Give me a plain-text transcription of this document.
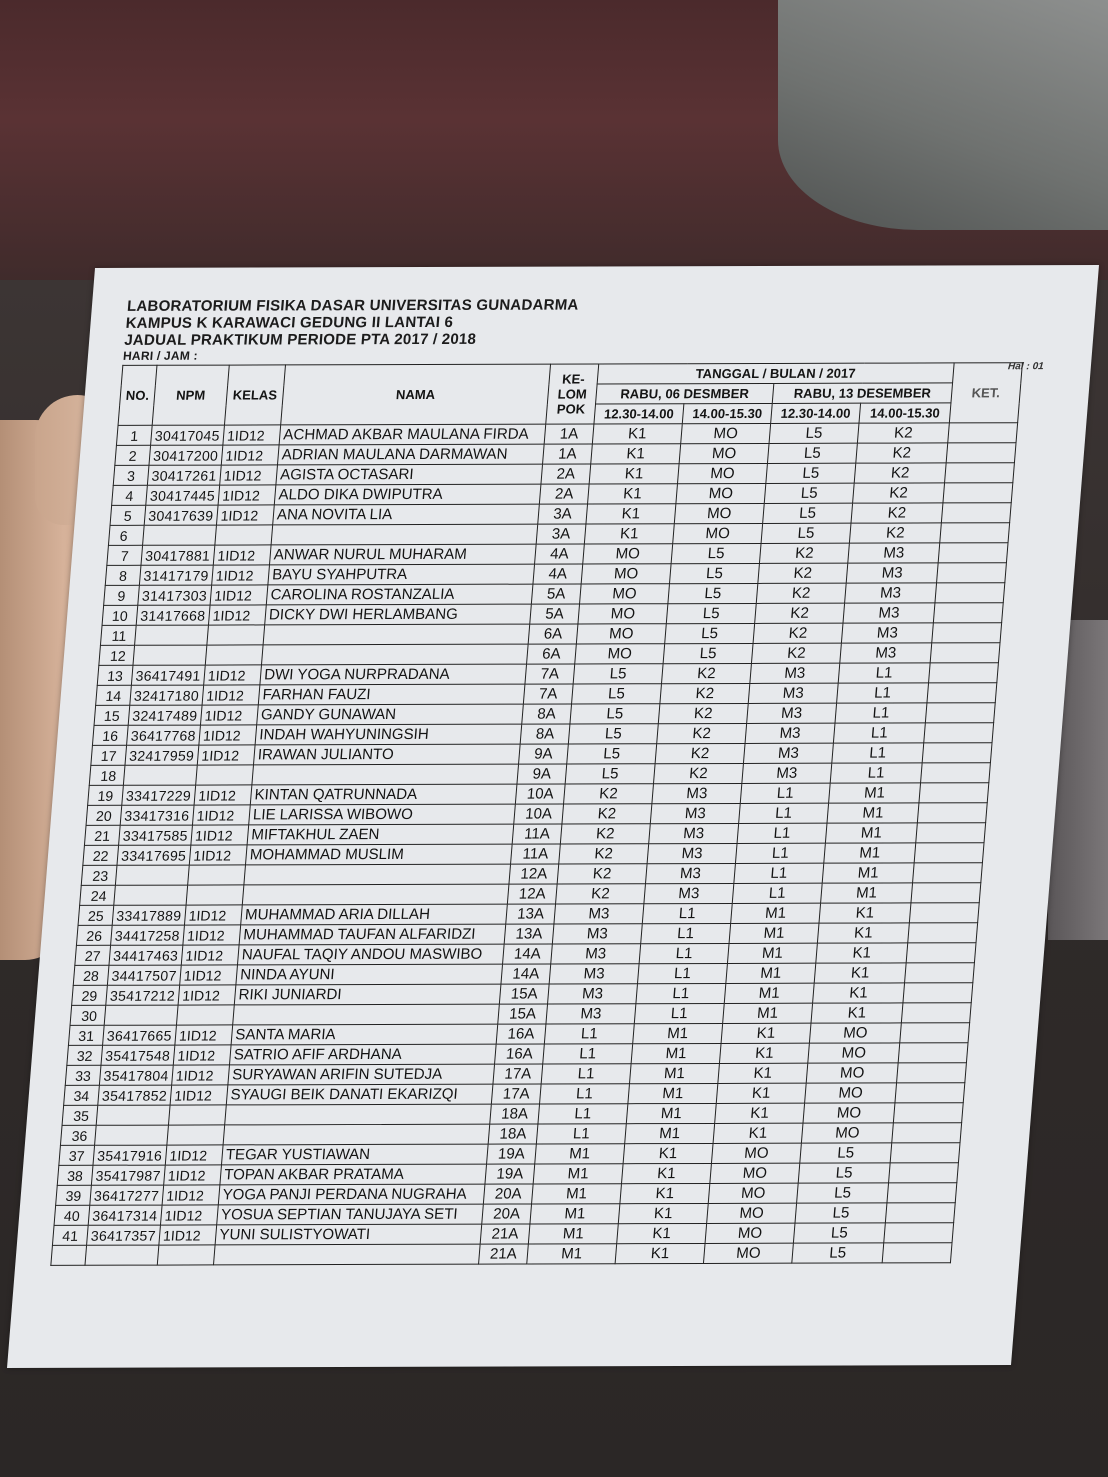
LABORATORIUM FISIKA DASAR UNIVERSITAS GUNADARMA
KAMPUS K KARAWACI GEDUNG II LANTAI 6
JADUAL PRAKTIKUM PERIODE PTA 2017 / 2018
HARI / JAM :
Hal : 01
NO.	NPM	KELAS	NAMA	KE-
LOM
POK	TANGGAL / BULAN / 2017				KET.
					RABU, 06 DESMBER		RABU, 13 DESEMBER		
					12.30-14.00	14.00-15.30	12.30-14.00	14.00-15.30	
1	30417045	1ID12	ACHMAD AKBAR MAULANA FIRDA	1A	K1	MO	L5	K2	
2	30417200	1ID12	ADRIAN MAULANA DARMAWAN	1A	K1	MO	L5	K2	
3	30417261	1ID12	AGISTA OCTASARI	2A	K1	MO	L5	K2	
4	30417445	1ID12	ALDO DIKA DWIPUTRA	2A	K1	MO	L5	K2	
5	30417639	1ID12	ANA NOVITA LIA	3A	K1	MO	L5	K2	
6				3A	K1	MO	L5	K2	
7	30417881	1ID12	ANWAR NURUL MUHARAM	4A	MO	L5	K2	M3	
8	31417179	1ID12	BAYU SYAHPUTRA	4A	MO	L5	K2	M3	
9	31417303	1ID12	CAROLINA ROSTANZALIA	5A	MO	L5	K2	M3	
10	31417668	1ID12	DICKY DWI HERLAMBANG	5A	MO	L5	K2	M3	
11				6A	MO	L5	K2	M3	
12				6A	MO	L5	K2	M3	
13	36417491	1ID12	DWI YOGA NURPRADANA	7A	L5	K2	M3	L1	
14	32417180	1ID12	FARHAN FAUZI	7A	L5	K2	M3	L1	
15	32417489	1ID12	GANDY GUNAWAN	8A	L5	K2	M3	L1	
16	36417768	1ID12	INDAH WAHYUNINGSIH	8A	L5	K2	M3	L1	
17	32417959	1ID12	IRAWAN JULIANTO	9A	L5	K2	M3	L1	
18				9A	L5	K2	M3	L1	
19	33417229	1ID12	KINTAN QATRUNNADA	10A	K2	M3	L1	M1	
20	33417316	1ID12	LIE LARISSA WIBOWO	10A	K2	M3	L1	M1	
21	33417585	1ID12	MIFTAKHUL ZAEN	11A	K2	M3	L1	M1	
22	33417695	1ID12	MOHAMMAD MUSLIM	11A	K2	M3	L1	M1	
23				12A	K2	M3	L1	M1	
24				12A	K2	M3	L1	M1	
25	33417889	1ID12	MUHAMMAD ARIA DILLAH	13A	M3	L1	M1	K1	
26	34417258	1ID12	MUHAMMAD TAUFAN ALFARIDZI	13A	M3	L1	M1	K1	
27	34417463	1ID12	NAUFAL TAQIY ANDOU MASWIBO	14A	M3	L1	M1	K1	
28	34417507	1ID12	NINDA AYUNI	14A	M3	L1	M1	K1	
29	35417212	1ID12	RIKI JUNIARDI	15A	M3	L1	M1	K1	
30				15A	M3	L1	M1	K1	
31	36417665	1ID12	SANTA MARIA	16A	L1	M1	K1	MO	
32	35417548	1ID12	SATRIO AFIF ARDHANA	16A	L1	M1	K1	MO	
33	35417804	1ID12	SURYAWAN ARIFIN SUTEDJA	17A	L1	M1	K1	MO	
34	35417852	1ID12	SYAUGI BEIK DANATI EKARIZQI	17A	L1	M1	K1	MO	
35				18A	L1	M1	K1	MO	
36				18A	L1	M1	K1	MO	
37	35417916	1ID12	TEGAR YUSTIAWAN	19A	M1	K1	MO	L5	
38	35417987	1ID12	TOPAN AKBAR PRATAMA	19A	M1	K1	MO	L5	
39	36417277	1ID12	YOGA PANJI PERDANA NUGRAHA	20A	M1	K1	MO	L5	
40	36417314	1ID12	YOSUA SEPTIAN TANUJAYA SETI	20A	M1	K1	MO	L5	
41	36417357	1ID12	YUNI SULISTYOWATI	21A	M1	K1	MO	L5	
				21A	M1	K1	MO	L5	
